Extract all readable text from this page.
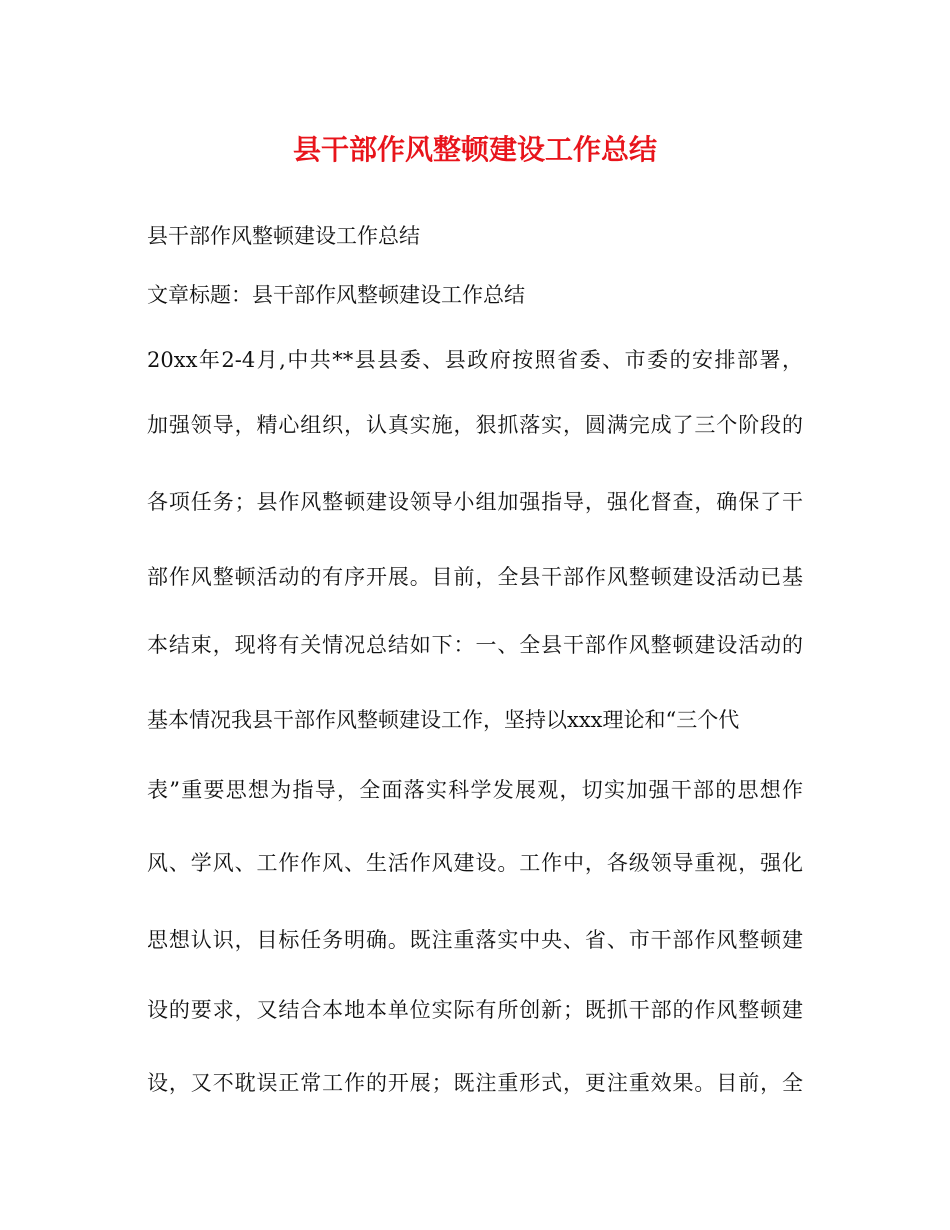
县干部作风整顿建设工作总结
县干部作风整顿建设工作总结
文章标题：县干部作风整顿建设工作总结
20xx年2-4月,中共**县县委、县政府按照省委、市委的安排部署，
加强领导，精心组织，认真实施，狠抓落实，圆满完成了三个阶段的
各项任务；县作风整顿建设领导小组加强指导，强化督查，确保了干
部作风整顿活动的有序开展。目前，全县干部作风整顿建设活动已基
本结束，现将有关情况总结如下：一、全县干部作风整顿建设活动的
基本情况我县干部作风整顿建设工作，坚持以xxx理论和“三个代
表”重要思想为指导，全面落实科学发展观，切实加强干部的思想作
风、学风、工作作风、生活作风建设。工作中，各级领导重视，强化
思想认识，目标任务明确。既注重落实中央、省、市干部作风整顿建
设的要求，又结合本地本单位实际有所创新；既抓干部的作风整顿建
设，又不耽误正常工作的开展；既注重形式，更注重效果。目前，全
